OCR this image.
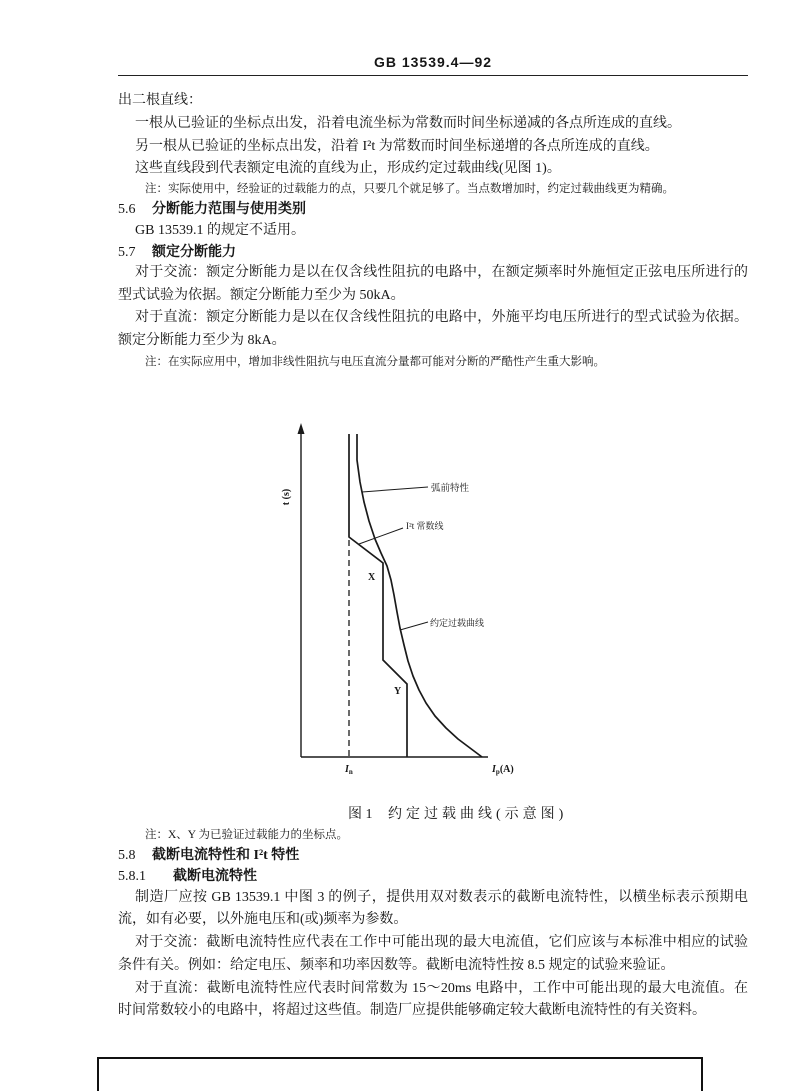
GB 13539.4—92
出二根直线：
一根从已验证的坐标点出发，沿着电流坐标为常数而时间坐标递减的各点所连成的直线。
另一根从已验证的坐标点出发，沿着 I²t 为常数而时间坐标递增的各点所连成的直线。
这些直线段到代表额定电流的直线为止，形成约定过载曲线(见图 1)。
注：实际使用中，经验证的过载能力的点，只要几个就足够了。当点数增加时，约定过载曲线更为精确。
5.6 分断能力范围与使用类别
GB 13539.1 的规定不适用。
5.7 额定分断能力
对于交流：额定分断能力是以在仅含线性阻抗的电路中，在额定频率时外施恒定正弦电压所进行的
型式试验为依据。额定分断能力至少为 50kA。
对于直流：额定分断能力是以在仅含线性阻抗的电路中，外施平均电压所进行的型式试验为依据。
额定分断能力至少为 8kA。
注：在实际应用中，增加非线性阻抗与电压直流分量都可能对分断的严酷性产生重大影响。
t (s)	弧前特性
I²t 常数线
约定过载曲线
X
Y
$I_n$	$I_p(A)$
图 1 约定过载曲线(示意图)
注：X、Y 为已验证过载能力的坐标点。
5.8 截断电流特性和 I²t 特性
5.8.1 截断电流特性
制造厂应按 GB 13539.1 中图 3 的例子，提供用双对数表示的截断电流特性，以横坐标表示预期电
流，如有必要，以外施电压和(或)频率为参数。
对于交流：截断电流特性应代表在工作中可能出现的最大电流值，它们应该与本标准中相应的试验
条件有关。例如：给定电压、频率和功率因数等。截断电流特性按 8.5 规定的试验来验证。
对于直流：截断电流特性应代表时间常数为 15～20ms 电路中，工作中可能出现的最大电流值。在
时间常数较小的电路中，将超过这些值。制造厂应提供能够确定较大截断电流特性的有关资料。
